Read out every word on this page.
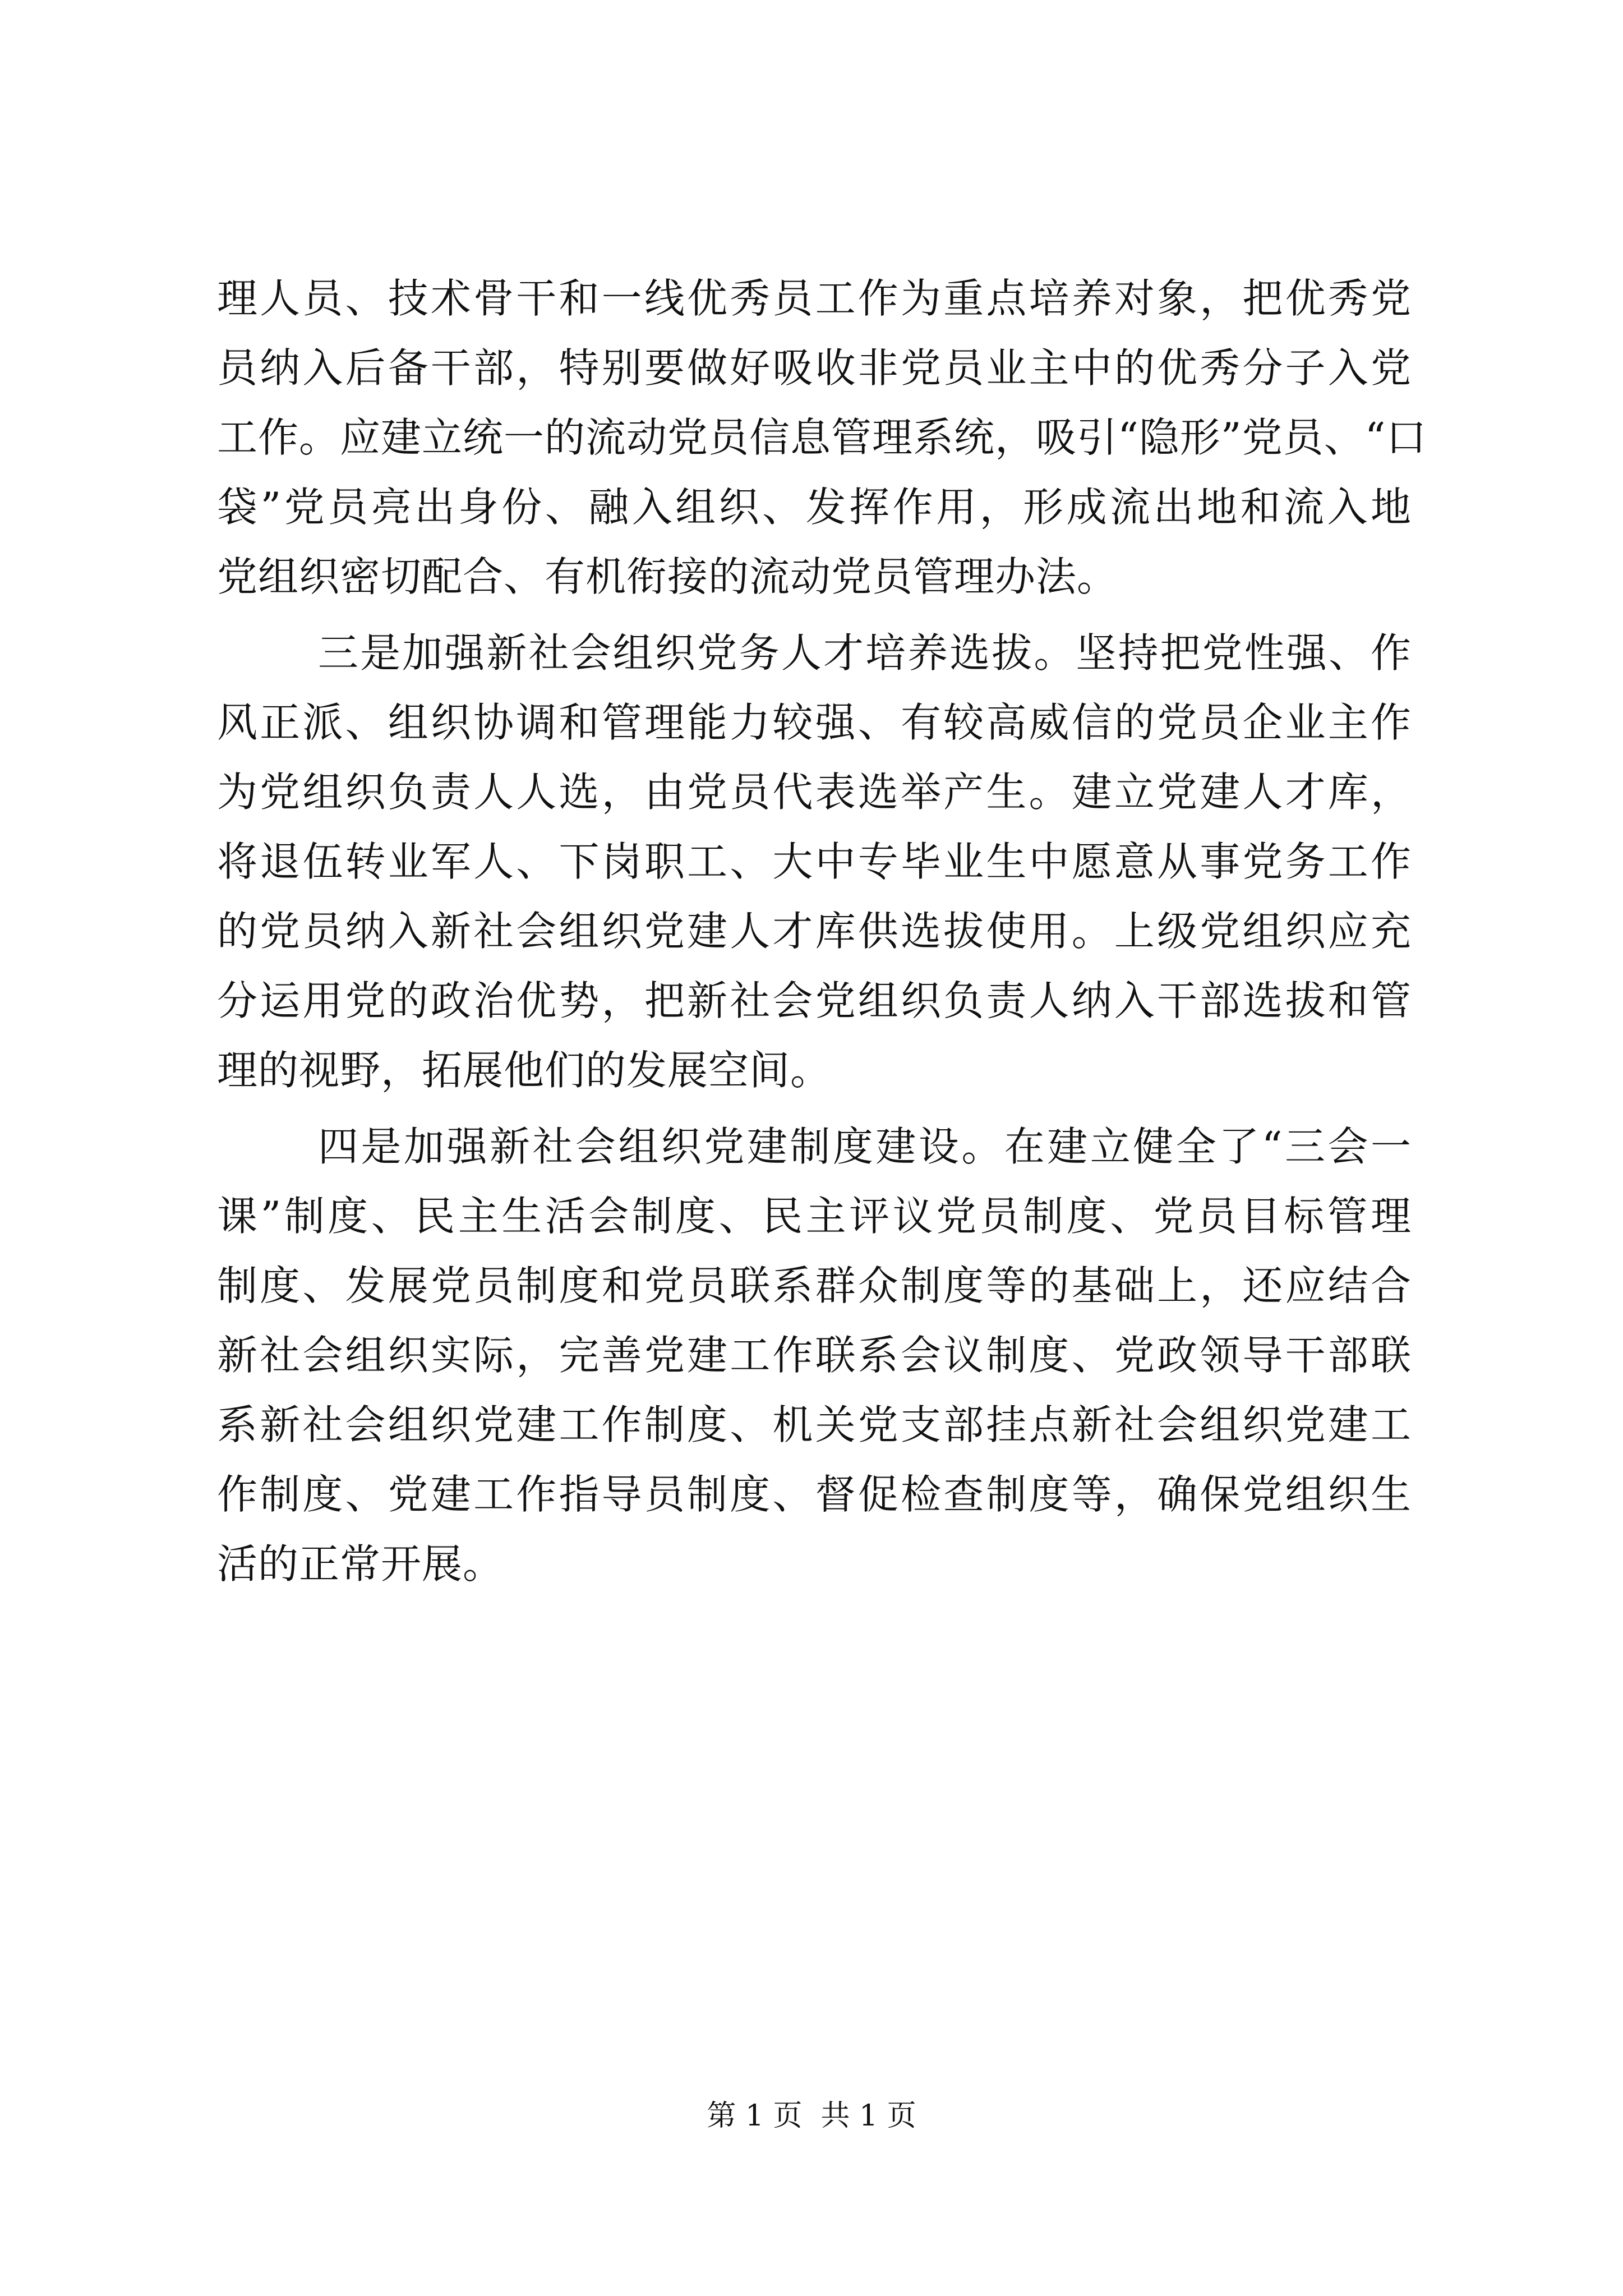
理人员、技术骨干和一线优秀员工作为重点培养对象，把优秀党
员纳入后备干部，特别要做好吸收非党员业主中的优秀分子入党
工作。应建立统一的流动党员信息管理系统，吸引“隐形”党员、“口
袋”党员亮出身份、融入组织、发挥作用，形成流出地和流入地
党组织密切配合、有机衔接的流动党员管理办法。
三是加强新社会组织党务人才培养选拔。坚持把党性强、作
风正派、组织协调和管理能力较强、有较高威信的党员企业主作
为党组织负责人人选，由党员代表选举产生。建立党建人才库，
将退伍转业军人、下岗职工、大中专毕业生中愿意从事党务工作
的党员纳入新社会组织党建人才库供选拔使用。上级党组织应充
分运用党的政治优势，把新社会党组织负责人纳入干部选拔和管
理的视野，拓展他们的发展空间。
四是加强新社会组织党建制度建设。在建立健全了“三会一
课”制度、民主生活会制度、民主评议党员制度、党员目标管理
制度、发展党员制度和党员联系群众制度等的基础上，还应结合
新社会组织实际，完善党建工作联系会议制度、党政领导干部联
系新社会组织党建工作制度、机关党支部挂点新社会组织党建工
作制度、党建工作指导员制度、督促检查制度等，确保党组织生
活的正常开展。
第 1 页  共 1 页
